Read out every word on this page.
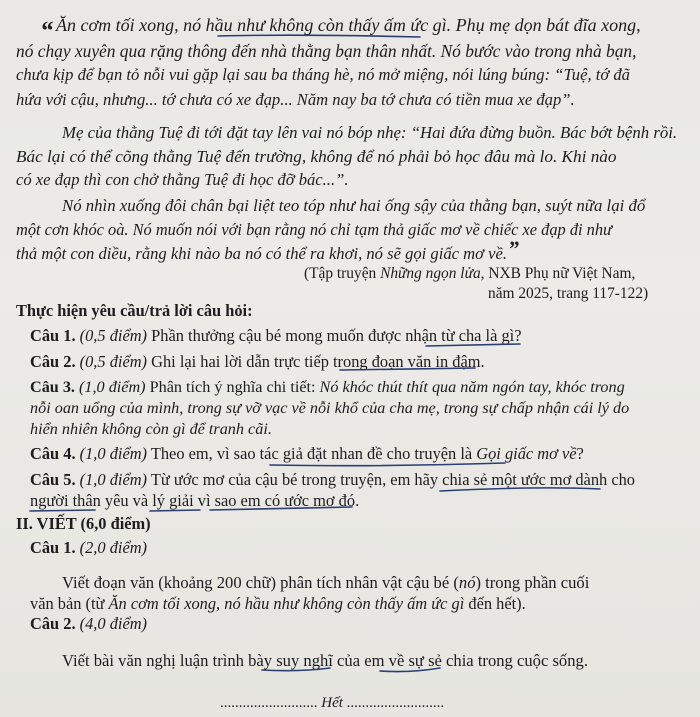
“ Ăn cơm tối xong, nó hầu như không còn thấy ấm ức gì. Phụ mẹ dọn bát đĩa xong,
nó chạy xuyên qua rặng thông đến nhà thằng bạn thân nhất. Nó bước vào trong nhà bạn,
chưa kịp để bạn tỏ nỗi vui gặp lại sau ba tháng hè, nó mở miệng, nói lúng búng: “Tuệ, tớ đã
hứa với cậu, nhưng... tớ chưa có xe đạp... Năm nay ba tớ chưa có tiền mua xe đạp”.
Mẹ của thằng Tuệ đi tới đặt tay lên vai nó bóp nhẹ: “Hai đứa đừng buồn. Bác bớt bệnh rồi.
Bác lại có thể cõng thằng Tuệ đến trường, không để nó phải bỏ học đâu mà lo. Khi nào
có xe đạp thì con chở thằng Tuệ đi học đỡ bác...”.
Nó nhìn xuống đôi chân bại liệt teo tóp như hai ống sậy của thằng bạn, suýt nữa lại đổ
một cơn khóc oà. Nó muốn nói với bạn rằng nó chỉ tạm thả giấc mơ về chiếc xe đạp đi như
thả một con diều, rằng khi nào ba nó có thể ra khơi, nó sẽ gọi giấc mơ về. ”
(Tập truyện Những ngọn lửa, NXB Phụ nữ Việt Nam,
năm 2025, trang 117-122)
Thực hiện yêu cầu/trả lời câu hỏi:
Câu 1. (0,5 điểm) Phần thưởng cậu bé mong muốn được nhận từ cha là gì?
Câu 2. (0,5 điểm) Ghi lại hai lời dẫn trực tiếp trong đoạn văn in đậm.
Câu 3. (1,0 điểm) Phân tích ý nghĩa chi tiết: Nó khóc thút thít qua năm ngón tay, khóc trong
nỗi oan uổng của mình, trong sự vỡ vạc về nỗi khổ của cha mẹ, trong sự chấp nhận cái lý do
hiển nhiên không còn gì để tranh cãi.
Câu 4. (1,0 điểm) Theo em, vì sao tác giả đặt nhan đề cho truyện là Gọi giấc mơ về?
Câu 5. (1,0 điểm) Từ ước mơ của cậu bé trong truyện, em hãy chia sẻ một ước mơ dành cho
người thân yêu và lý giải vì sao em có ước mơ đó.
II. VIẾT (6,0 điểm)
Câu 1. (2,0 điểm)
Viết đoạn văn (khoảng 200 chữ) phân tích nhân vật cậu bé (nó) trong phần cuối
văn bản (từ Ăn cơm tối xong, nó hầu như không còn thấy ấm ức gì đến hết).
Câu 2. (4,0 điểm)
Viết bài văn nghị luận trình bày suy nghĩ của em về sự sẻ chia trong cuộc sống.
.......................... Hết ..........................
